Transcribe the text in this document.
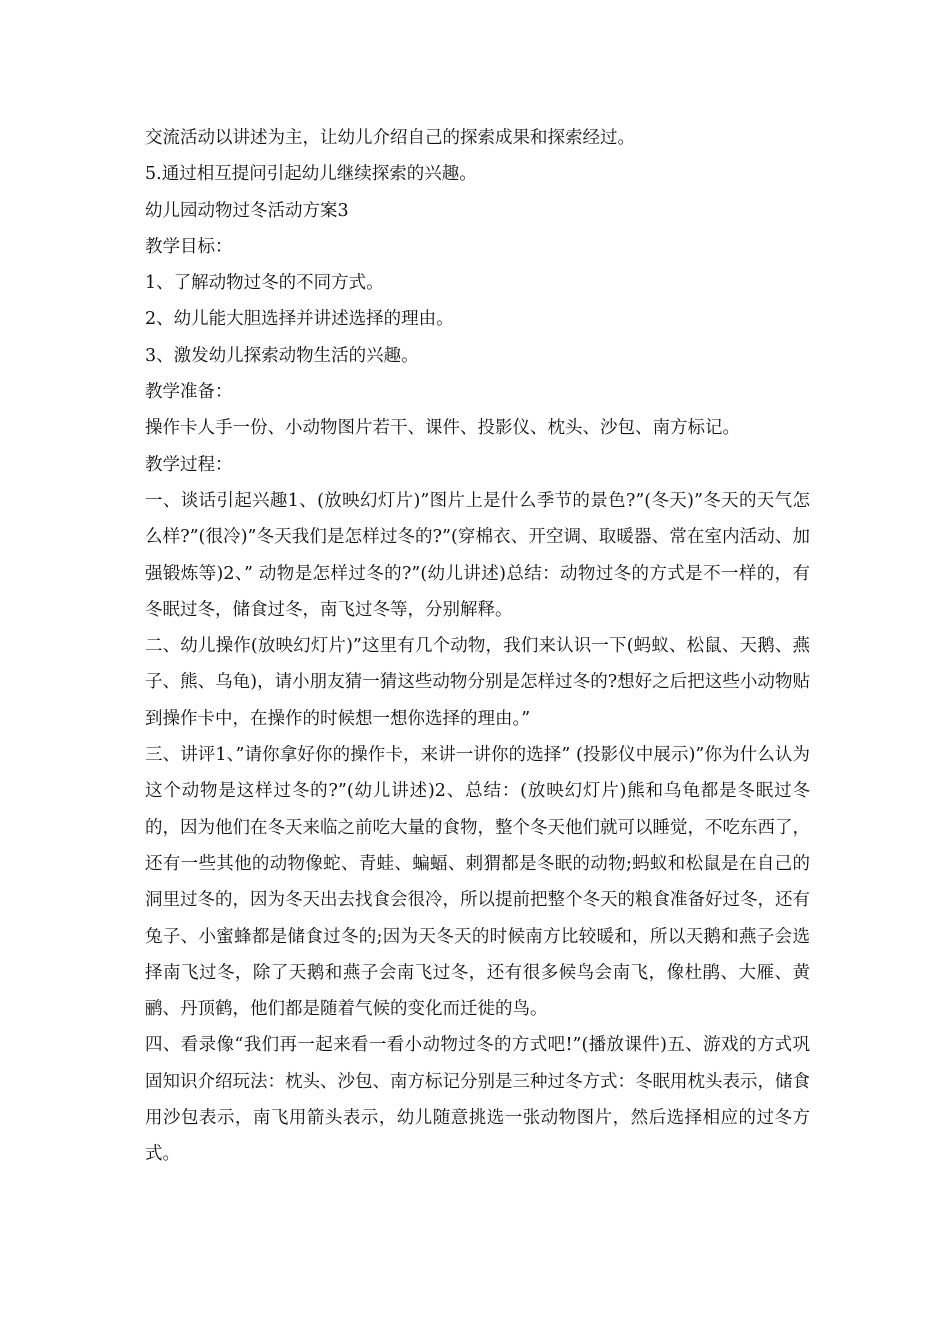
交流活动以讲述为主，让幼儿介绍自己的探索成果和探索经过。

5.通过相互提问引起幼儿继续探索的兴趣。

幼儿园动物过冬活动方案3

教学目标：

1、了解动物过冬的不同方式。

2、幼儿能大胆选择并讲述选择的理由。

3、激发幼儿探索动物生活的兴趣。

教学准备：

操作卡人手一份、小动物图片若干、课件、投影仪、枕头、沙包、南方标记。

教学过程：

一、谈话引起兴趣1、(放映幻灯片)”图片上是什么季节的景色?”(冬天)”冬天的天气怎么样?”(很冷)”冬天我们是怎样过冬的?”(穿棉衣、开空调、取暖器、常在室内活动、加强锻炼等)2、” 动物是怎样过冬的?”(幼儿讲述)总结：动物过冬的方式是不一样的，有冬眠过冬，储食过冬，南飞过冬等，分别解释。

二、幼儿操作(放映幻灯片)”这里有几个动物，我们来认识一下(蚂蚁、松鼠、天鹅、燕子、熊、乌龟)，请小朋友猜一猜这些动物分别是怎样过冬的?想好之后把这些小动物贴到操作卡中，在操作的时候想一想你选择的理由。”

三、讲评1、”请你拿好你的操作卡，来讲一讲你的选择” (投影仪中展示)”你为什么认为这个动物是这样过冬的?”(幼儿讲述)2、总结：(放映幻灯片)熊和乌龟都是冬眠过冬的，因为他们在冬天来临之前吃大量的食物，整个冬天他们就可以睡觉，不吃东西了，还有一些其他的动物像蛇、青蛙、蝙蝠、刺猬都是冬眠的动物;蚂蚁和松鼠是在自己的洞里过冬的，因为冬天出去找食会很冷，所以提前把整个冬天的粮食准备好过冬，还有兔子、小蜜蜂都是储食过冬的;因为天冬天的时候南方比较暖和，所以天鹅和燕子会选择南飞过冬，除了天鹅和燕子会南飞过冬，还有很多候鸟会南飞，像杜鹃、大雁、黄鹂、丹顶鹤，他们都是随着气候的变化而迁徙的鸟。

四、看录像“我们再一起来看一看小动物过冬的方式吧!”(播放课件)五、游戏的方式巩固知识介绍玩法：枕头、沙包、南方标记分别是三种过冬方式：冬眠用枕头表示，储食用沙包表示，南飞用箭头表示，幼儿随意挑选一张动物图片，然后选择相应的过冬方式。
